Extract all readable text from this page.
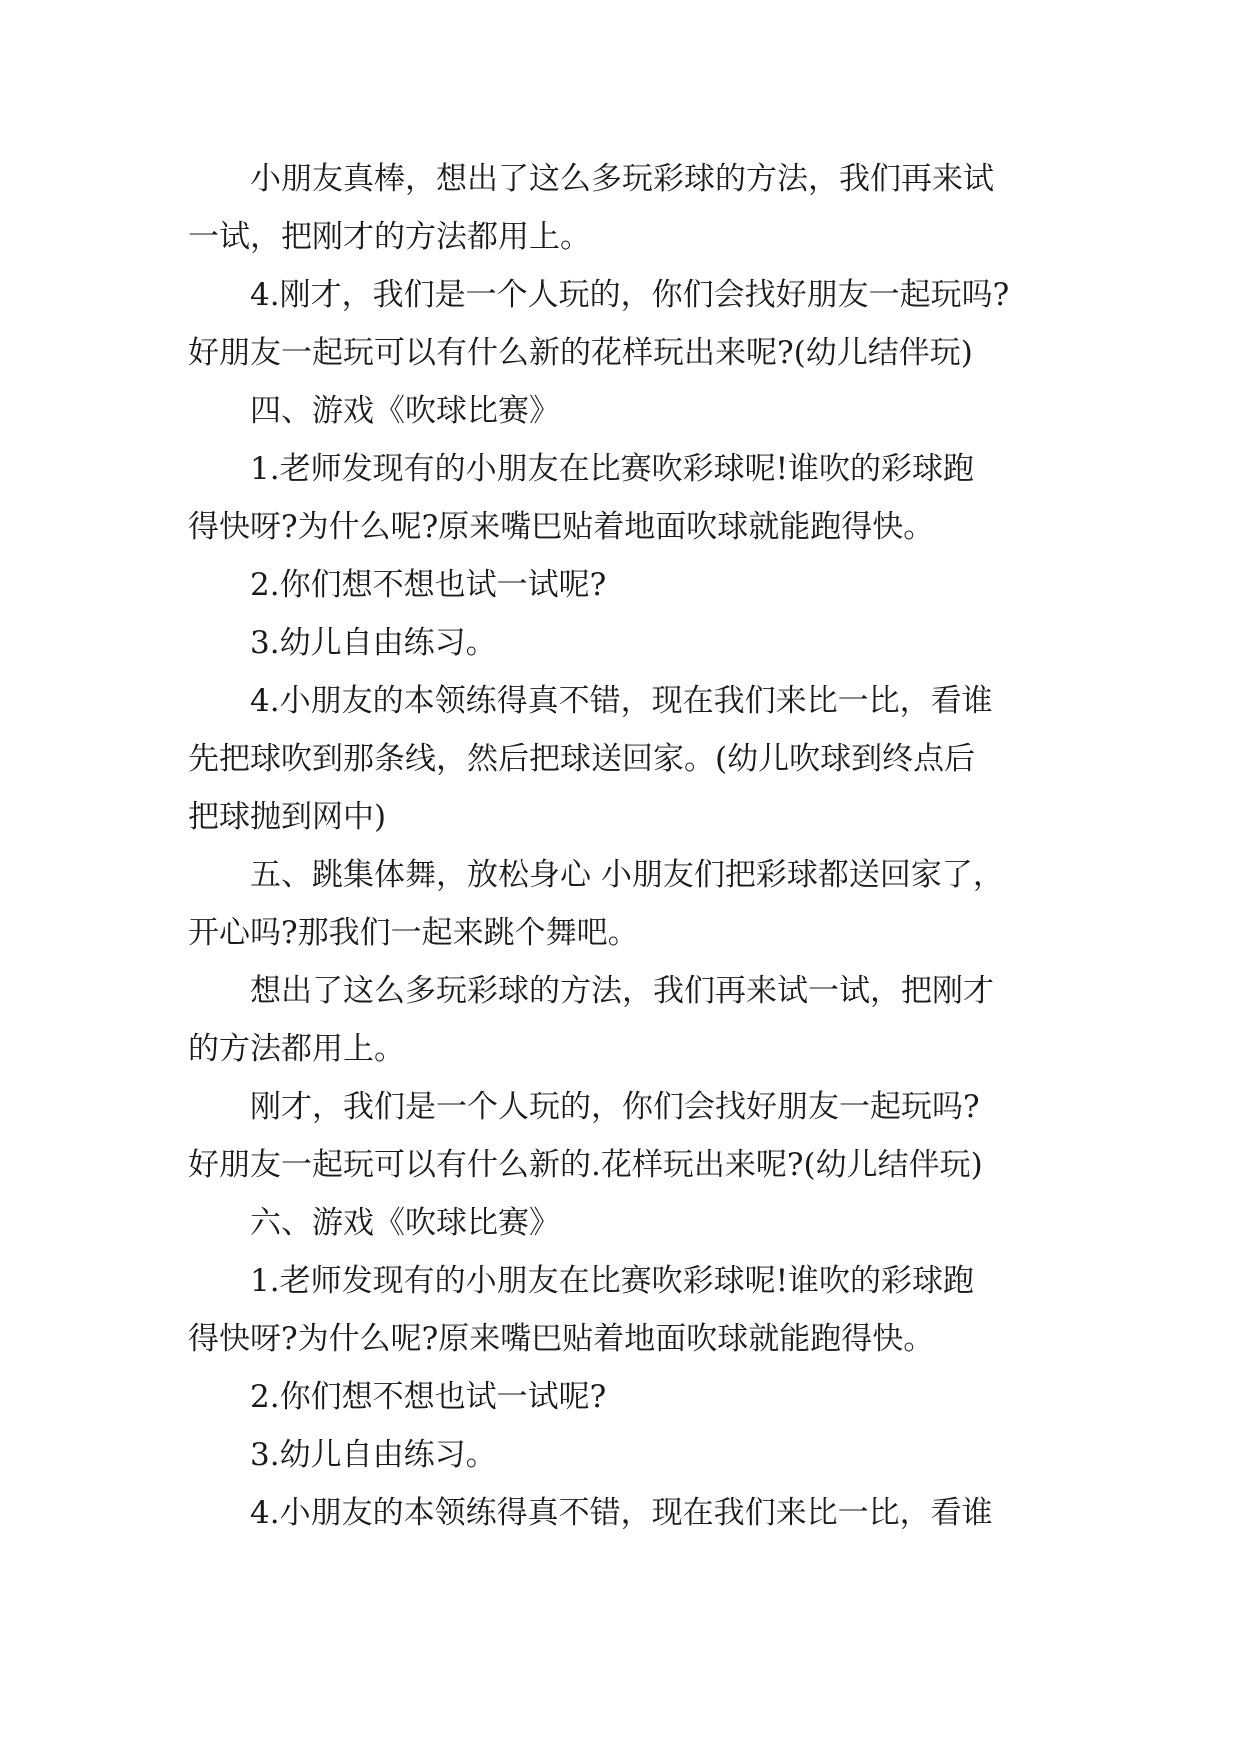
小朋友真棒，想出了这么多玩彩球的方法，我们再来试
一试，把刚才的方法都用上。
4.刚才，我们是一个人玩的，你们会找好朋友一起玩吗?
好朋友一起玩可以有什么新的花样玩出来呢?(幼儿结伴玩)
四、游戏《吹球比赛》
1.老师发现有的小朋友在比赛吹彩球呢!谁吹的彩球跑
得快呀?为什么呢?原来嘴巴贴着地面吹球就能跑得快。
2.你们想不想也试一试呢?
3.幼儿自由练习。
4.小朋友的本领练得真不错，现在我们来比一比，看谁
先把球吹到那条线，然后把球送回家。(幼儿吹球到终点后
把球抛到网中)
五、跳集体舞，放松身心 小朋友们把彩球都送回家了，
开心吗?那我们一起来跳个舞吧。
想出了这么多玩彩球的方法，我们再来试一试，把刚才
的方法都用上。
刚才，我们是一个人玩的，你们会找好朋友一起玩吗?
好朋友一起玩可以有什么新的.花样玩出来呢?(幼儿结伴玩)
六、游戏《吹球比赛》
1.老师发现有的小朋友在比赛吹彩球呢!谁吹的彩球跑
得快呀?为什么呢?原来嘴巴贴着地面吹球就能跑得快。
2.你们想不想也试一试呢?
3.幼儿自由练习。
4.小朋友的本领练得真不错，现在我们来比一比，看谁
